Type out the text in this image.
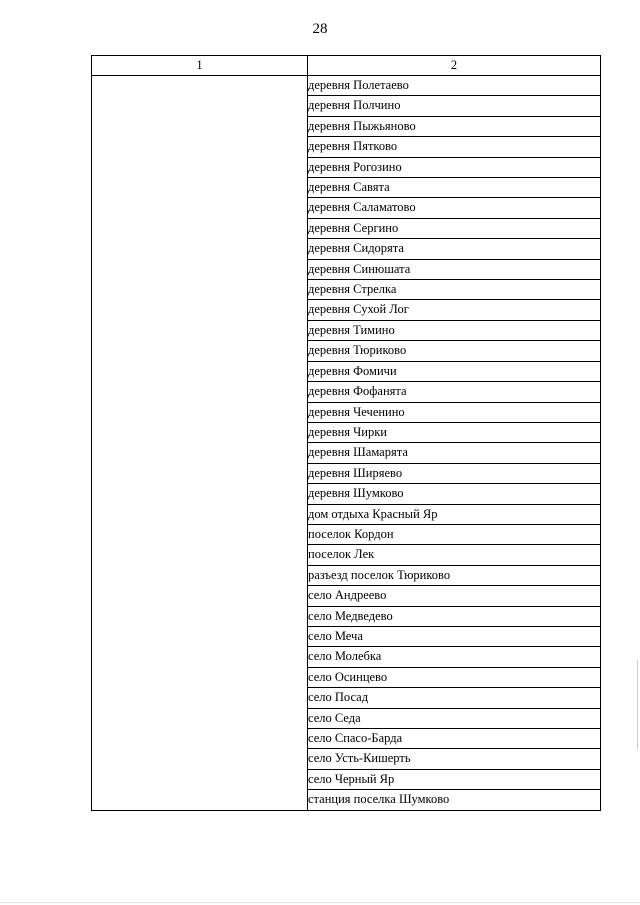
28
1	2
	деревня Полетаево
	деревня Полчино
	деревня Пыжьяново
	деревня Пятково
	деревня Рогозино
	деревня Савята
	деревня Саламатово
	деревня Сергино
	деревня Сидорята
	деревня Синюшата
	деревня Стрелка
	деревня Сухой Лог
	деревня Тимино
	деревня Тюриково
	деревня Фомичи
	деревня Фофанята
	деревня Чеченино
	деревня Чирки
	деревня Шамарята
	деревня Ширяево
	деревня Шумково
	дом отдыха Красный Яр
	поселок Кордон
	поселок Лек
	разъезд поселок Тюриково
	село Андреево
	село Медведево
	село Меча
	село Молебка
	село Осинцево
	село Посад
	село Седа
	село Спасо-Барда
	село Усть-Кишерть
	село Черный Яр
	станция поселка Шумково
